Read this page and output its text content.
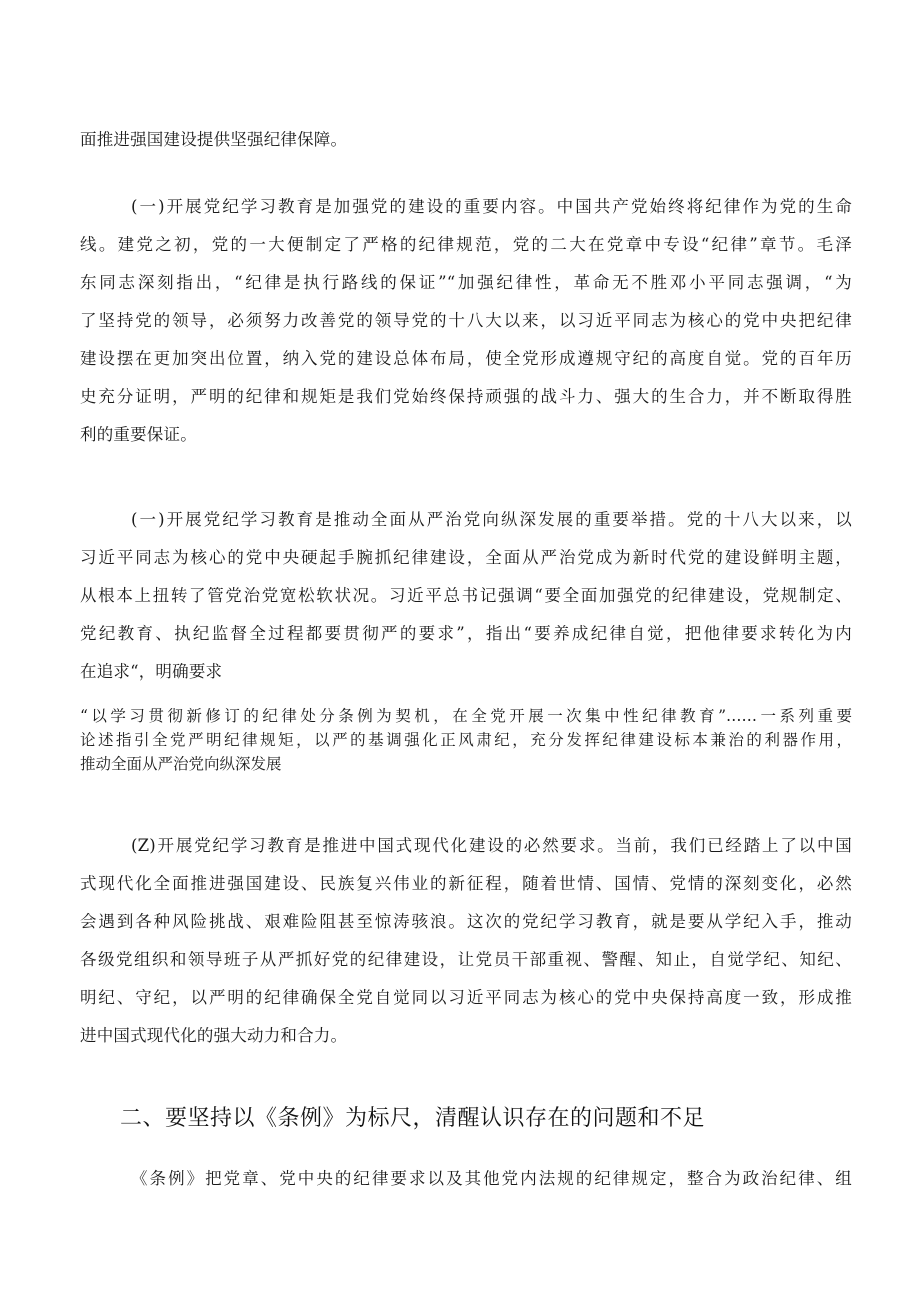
面推进强国建设提供坚强纪律保障。
(一)开展党纪学习教育是加强党的建设的重要内容。中国共产党始终将纪律作为党的生命
线。建党之初，党的一大便制定了严格的纪律规范，党的二大在党章中专设“纪律”章节。毛泽
东同志深刻指出，“纪律是执行路线的保证”“加强纪律性，革命无不胜邓小平同志强调，“为
了坚持党的领导，必须努力改善党的领导党的十八大以来，以习近平同志为核心的党中央把纪律
建设摆在更加突出位置，纳入党的建设总体布局，使全党形成遵规守纪的高度自觉。党的百年历
史充分证明，严明的纪律和规矩是我们党始终保持顽强的战斗力、强大的生合力，并不断取得胜
利的重要保证。
(一)开展党纪学习教育是推动全面从严治党向纵深发展的重要举措。党的十八大以来，以
习近平同志为核心的党中央硬起手腕抓纪律建设，全面从严治党成为新时代党的建设鲜明主题，
从根本上扭转了管党治党宽松软状况。习近平总书记强调“要全面加强党的纪律建设，党规制定、
党纪教育、执纪监督全过程都要贯彻严的要求”，指出“要养成纪律自觉，把他律要求转化为内
在追求“，明确要求
“以学习贯彻新修订的纪律处分条例为契机，在全党开展一次集中性纪律教育”……一系列重要
论述指引全党严明纪律规矩，以严的基调强化正风肃纪，充分发挥纪律建设标本兼治的利器作用，
推动全面从严治党向纵深发展
(Z)开展党纪学习教育是推进中国式现代化建设的必然要求。当前，我们已经踏上了以中国
式现代化全面推进强国建设、民族复兴伟业的新征程，随着世情、国情、党情的深刻变化，必然
会遇到各种风险挑战、艰难险阻甚至惊涛骇浪。这次的党纪学习教育，就是要从学纪入手，推动
各级党组织和领导班子从严抓好党的纪律建设，让党员干部重视、警醒、知止，自觉学纪、知纪、
明纪、守纪，以严明的纪律确保全党自觉同以习近平同志为核心的党中央保持高度一致，形成推
进中国式现代化的强大动力和合力。
二、要坚持以《条例》为标尺，清醒认识存在的问题和不足
《条例》把党章、党中央的纪律要求以及其他党内法规的纪律规定，整合为政治纪律、组
